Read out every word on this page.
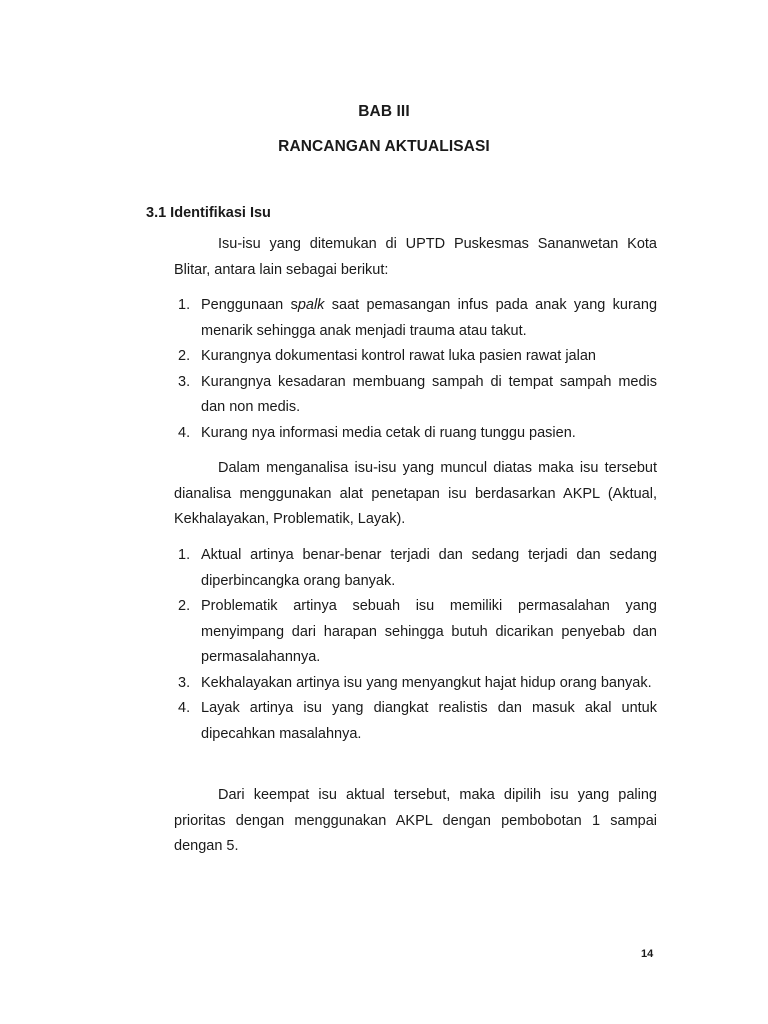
BAB III
RANCANGAN AKTUALISASI
3.1 Identifikasi Isu

Isu-isu yang ditemukan di UPTD Puskesmas Sananwetan Kota Blitar, antara lain sebagai berikut:

1. Penggunaan spalk saat pemasangan infus pada anak yang kurang menarik sehingga anak menjadi trauma atau takut.
2. Kurangnya dokumentasi kontrol rawat luka pasien rawat jalan
3. Kurangnya kesadaran membuang sampah di tempat sampah medis dan non medis.
4. Kurang nya informasi media cetak di ruang tunggu pasien.

Dalam menganalisa isu-isu yang muncul diatas maka isu tersebut dianalisa menggunakan alat penetapan isu berdasarkan AKPL (Aktual, Kekhalayakan, Problematik, Layak).

1. Aktual artinya benar-benar terjadi dan sedang terjadi dan sedang diperbincangka orang banyak.
2. Problematik artinya sebuah isu memiliki permasalahan yang menyimpang dari harapan sehingga butuh dicarikan penyebab dan permasalahannya.
3. Kekhalayakan artinya isu yang menyangkut hajat hidup orang banyak.
4. Layak artinya isu yang diangkat realistis dan masuk akal untuk dipecahkan masalahnya.

Dari keempat isu aktual tersebut, maka dipilih isu yang paling prioritas dengan menggunakan AKPL dengan pembobotan 1 sampai dengan 5.

14
